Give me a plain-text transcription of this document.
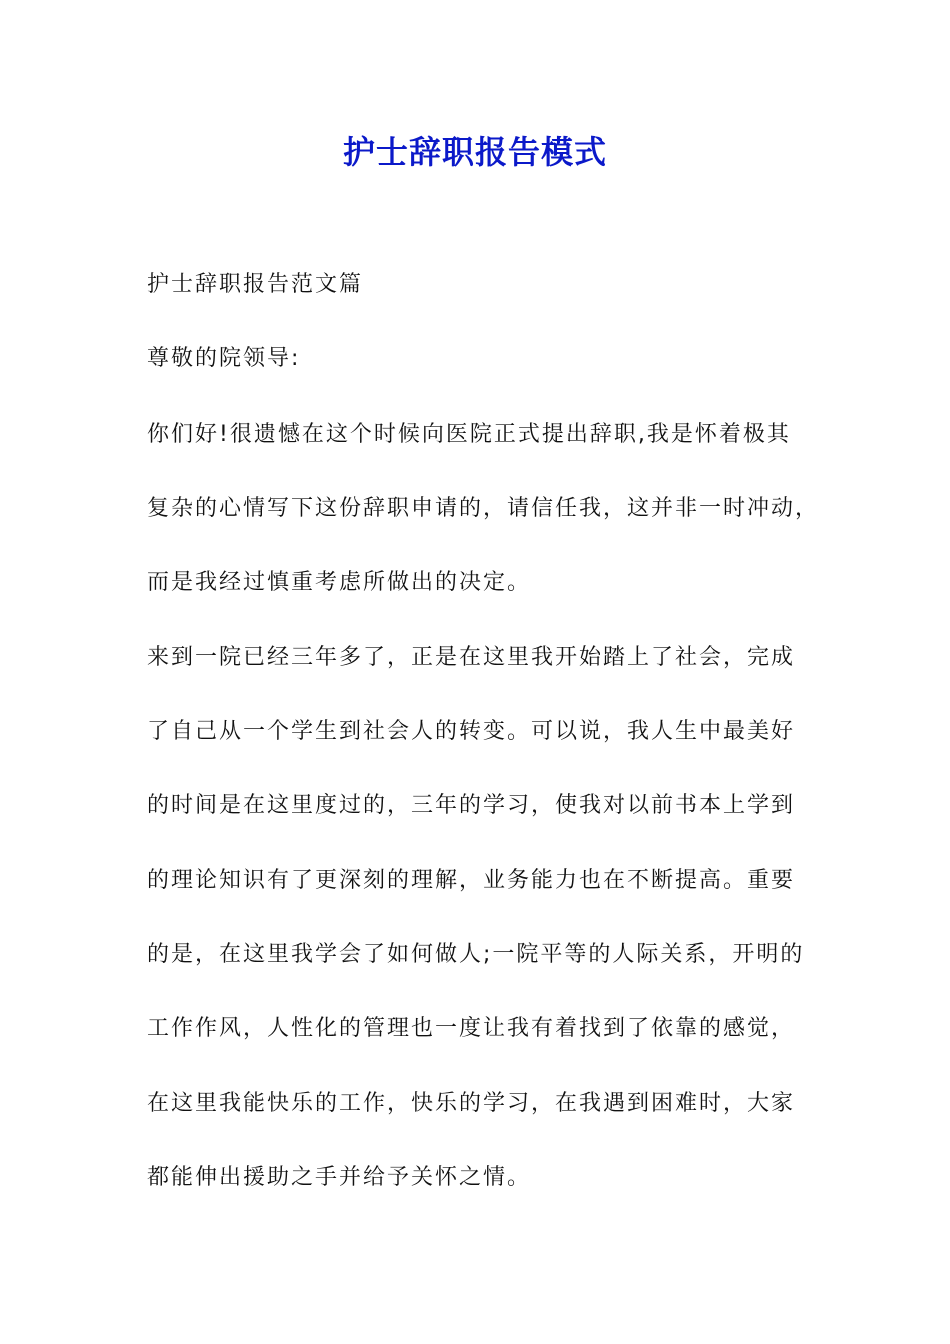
护士辞职报告模式
护士辞职报告范文篇
尊敬的院领导:
你们好!很遗憾在这个时候向医院正式提出辞职,我是怀着极其
复杂的心情写下这份辞职申请的，请信任我，这并非一时冲动，
而是我经过慎重考虑所做出的决定。
来到一院已经三年多了，正是在这里我开始踏上了社会，完成
了自己从一个学生到社会人的转变。可以说，我人生中最美好
的时间是在这里度过的，三年的学习，使我对以前书本上学到
的理论知识有了更深刻的理解，业务能力也在不断提高。重要
的是，在这里我学会了如何做人;一院平等的人际关系，开明的
工作作风，人性化的管理也一度让我有着找到了依靠的感觉，
在这里我能快乐的工作，快乐的学习，在我遇到困难时，大家
都能伸出援助之手并给予关怀之情。
